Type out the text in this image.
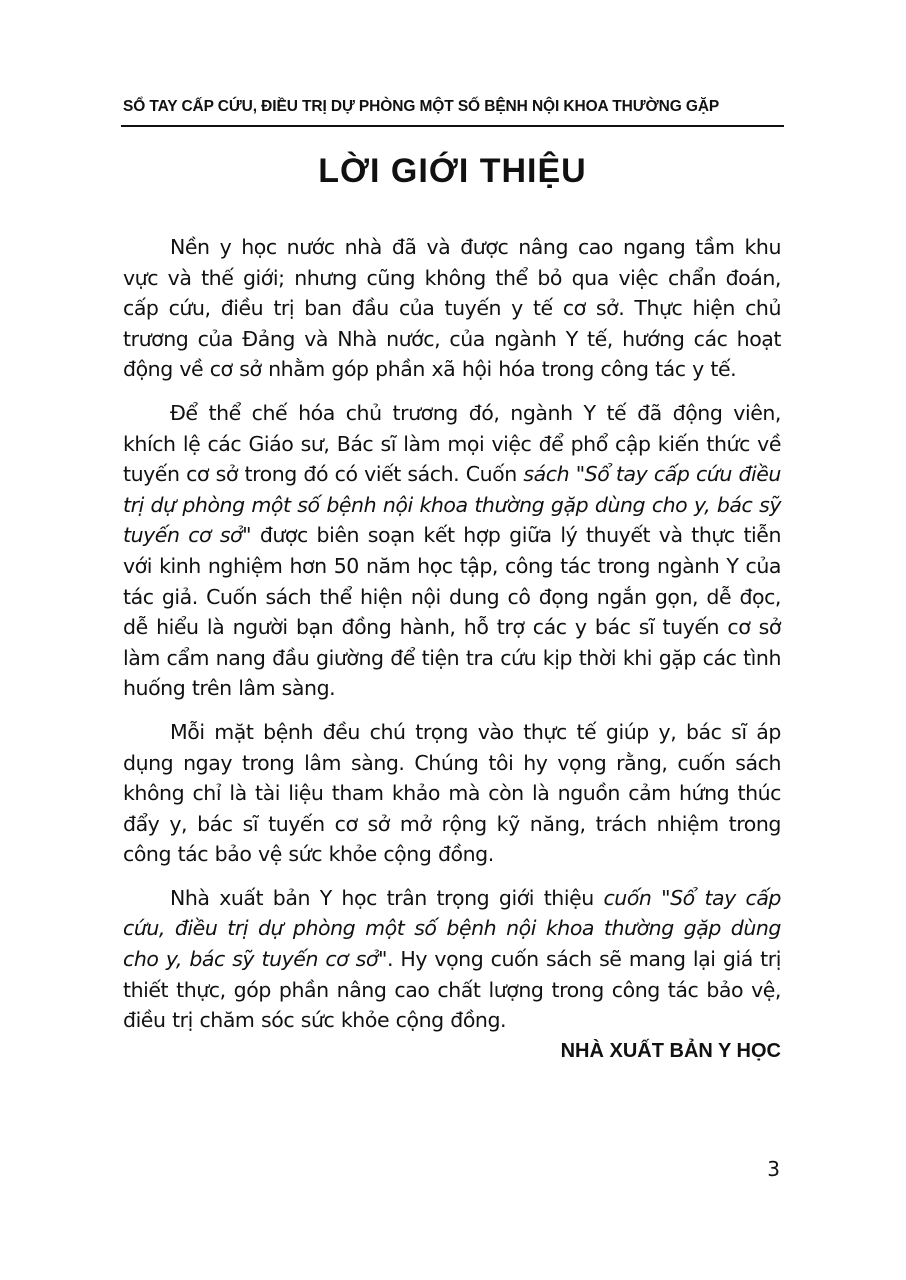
SỔ TAY CẤP CỨU, ĐIỀU TRỊ DỰ PHÒNG MỘT SỐ BỆNH NỘI KHOA THƯỜNG GẶP
LỜI GIỚI THIỆU

Nền y học nước nhà đã và được nâng cao ngang tầm khu vực và thế giới; nhưng cũng không thể bỏ qua việc chẩn đoán, cấp cứu, điều trị ban đầu của tuyến y tế cơ sở. Thực hiện chủ trương của Đảng và Nhà nước, của ngành Y tế, hướng các hoạt động về cơ sở nhằm góp phần xã hội hóa trong công tác y tế.

Để thể chế hóa chủ trương đó, ngành Y tế đã động viên, khích lệ các Giáo sư, Bác sĩ làm mọi việc để phổ cập kiến thức về tuyến cơ sở trong đó có viết sách. Cuốn sách "Sổ tay cấp cứu điều trị dự phòng một số bệnh nội khoa thường gặp dùng cho y, bác sỹ tuyến cơ sở" được biên soạn kết hợp giữa lý thuyết và thực tiễn với kinh nghiệm hơn 50 năm học tập, công tác trong ngành Y của tác giả. Cuốn sách thể hiện nội dung cô đọng ngắn gọn, dễ đọc, dễ hiểu là người bạn đồng hành, hỗ trợ các y bác sĩ tuyến cơ sở làm cẩm nang đầu giường để tiện tra cứu kịp thời khi gặp các tình huống trên lâm sàng.

Mỗi mặt bệnh đều chú trọng vào thực tế giúp y, bác sĩ áp dụng ngay trong lâm sàng. Chúng tôi hy vọng rằng, cuốn sách không chỉ là tài liệu tham khảo mà còn là nguồn cảm hứng thúc đẩy y, bác sĩ tuyến cơ sở mở rộng kỹ năng, trách nhiệm trong công tác bảo vệ sức khỏe cộng đồng.

Nhà xuất bản Y học trân trọng giới thiệu cuốn "Sổ tay cấp cứu, điều trị dự phòng một số bệnh nội khoa thường gặp dùng cho y, bác sỹ tuyến cơ sở". Hy vọng cuốn sách sẽ mang lại giá trị thiết thực, góp phần nâng cao chất lượng trong công tác bảo vệ, điều trị chăm sóc sức khỏe cộng đồng.

NHÀ XUẤT BẢN Y HỌC
3
